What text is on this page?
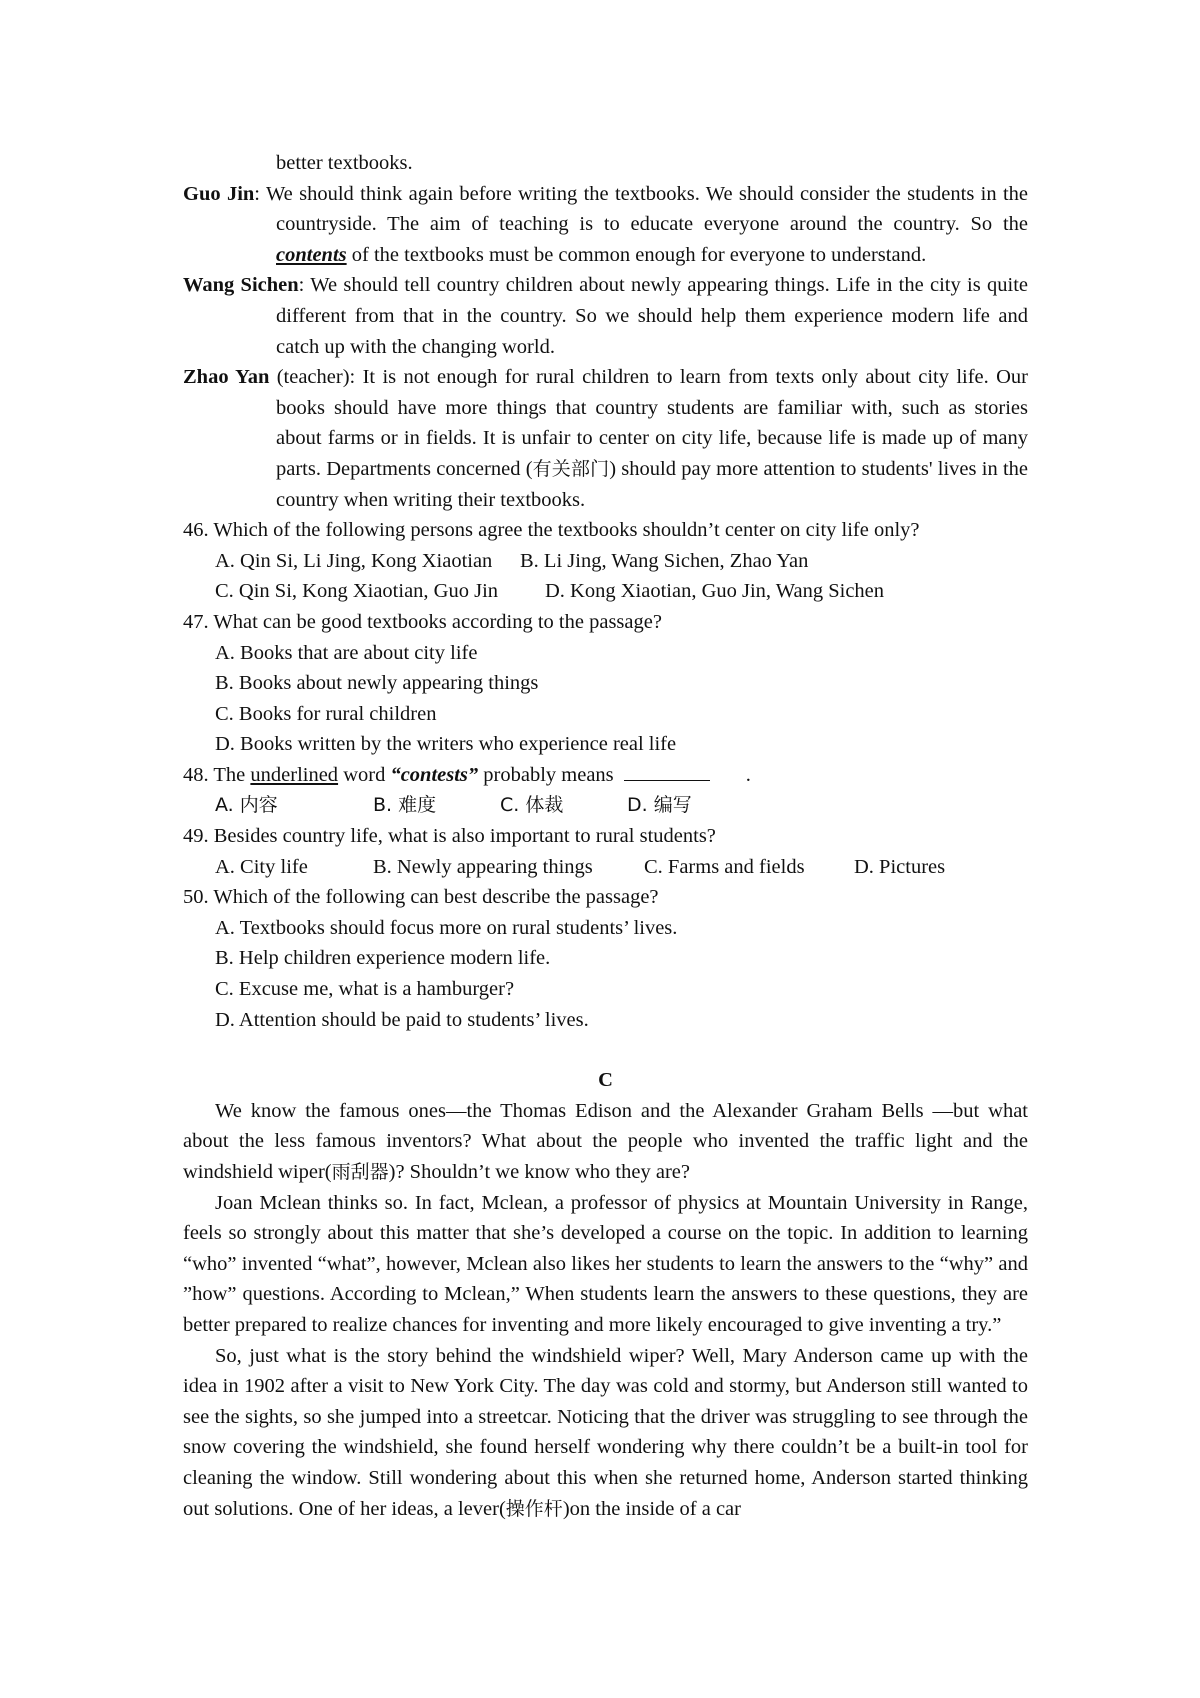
better textbooks.

Guo Jin: We should think again before writing the textbooks. We should consider the students in the countryside. The aim of teaching is to educate everyone around the country. So the contents of the textbooks must be common enough for everyone to understand.

Wang Sichen: We should tell country children about newly appearing things. Life in the city is quite different from that in the country. So we should help them experience modern life and catch up with the changing world.

Zhao Yan (teacher): It is not enough for rural children to learn from texts only about city life. Our books should have more things that country students are familiar with, such as stories about farms or in fields. It is unfair to center on city life, because life is made up of many parts. Departments concerned (有关部门) should pay more attention to students' lives in the country when writing their textbooks.

46. Which of the following persons agree the textbooks shouldn’t center on city life only?

A. Qin Si, Li Jing, Kong Xiaotian B. Li Jing, Wang Sichen, Zhao Yan

C. Qin Si, Kong Xiaotian, Guo Jin D. Kong Xiaotian, Guo Jin, Wang Sichen

47. What can be good textbooks according to the passage?

A. Books that are about city life

B. Books about newly appearing things

C. Books for rural children

D. Books written by the writers who experience real life

48. The underlined word “contests” probably means	.

A. 内容	B. 难度	C. 体裁	D. 编写

49. Besides country life, what is also important to rural students?

A. City life	B. Newly appearing things C. Farms and fields D. Pictures

50. Which of the following can best describe the passage?

A. Textbooks should focus more on rural students’ lives.

B. Help children experience modern life.

C. Excuse me, what is a hamburger?

D. Attention should be paid to students’ lives.

C

We know the famous ones—the Thomas Edison and the Alexander Graham Bells —but what about the less famous inventors? What about the people who invented the traffic light and the windshield wiper(雨刮器)? Shouldn’t we know who they are?

Joan Mclean thinks so. In fact, Mclean, a professor of physics at Mountain University in Range, feels so strongly about this matter that she’s developed a course on the topic. In addition to learning “who” invented “what”, however, Mclean also likes her students to learn the answers to the “why” and ”how” questions. According to Mclean,” When students learn the answers to these questions, they are better prepared to realize chances for inventing and more likely encouraged to give inventing a try.”

So, just what is the story behind the windshield wiper? Well, Mary Anderson came up with the idea in 1902 after a visit to New York City. The day was cold and stormy, but Anderson still wanted to see the sights, so she jumped into a streetcar. Noticing that the driver was struggling to see through the snow covering the windshield, she found herself wondering why there couldn’t be a built-in tool for cleaning the window. Still wondering about this when she returned home, Anderson started thinking out solutions. One of her ideas, a lever(操作杆)on the inside of a car
